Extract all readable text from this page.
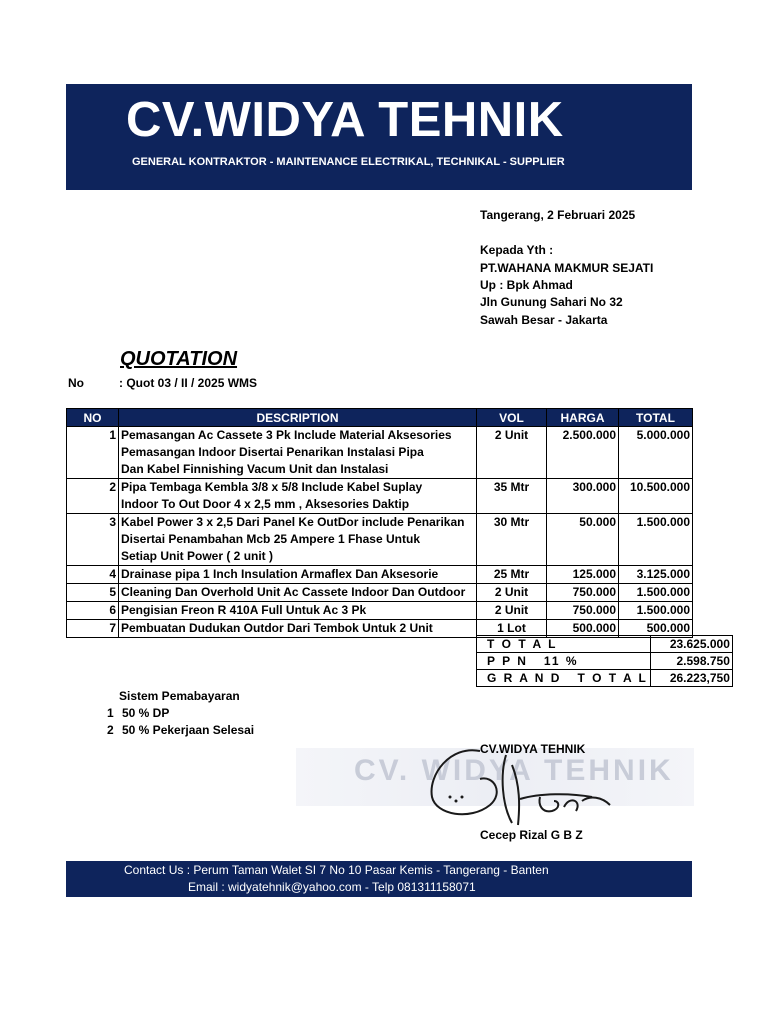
CV.WIDYA TEHNIK
GENERAL KONTRAKTOR - MAINTENANCE ELECTRIKAL, TECHNIKAL - SUPPLIER
Tangerang, 2 Februari 2025
Kepada Yth :
PT.WAHANA MAKMUR SEJATI
Up : Bpk Ahmad
Jln Gunung Sahari No 32
Sawah Besar - Jakarta
QUOTATION
No	: Quot 03 / II / 2025 WMS
NO	DESCRIPTION	VOL	HARGA	TOTAL
1	Pemasangan Ac Cassete 3 Pk Include Material Aksesories
Pemasangan Indoor Disertai Penarikan Instalasi Pipa
Dan Kabel Finnishing Vacum Unit dan Instalasi	2 Unit	2.500.000	5.000.000
2	Pipa Tembaga Kembla 3/8 x 5/8 Include Kabel Suplay
Indoor To Out Door 4 x 2,5 mm , Aksesories Daktip	35 Mtr	300.000	10.500.000
3	Kabel Power 3 x 2,5 Dari Panel Ke OutDor include Penarikan
Disertai Penambahan Mcb 25 Ampere 1 Fhase Untuk
Setiap Unit Power ( 2 unit )	30 Mtr	50.000	1.500.000
4	Drainase pipa 1 Inch Insulation Armaflex Dan Aksesorie	25 Mtr	125.000	3.125.000
5	Cleaning Dan Overhold Unit Ac Cassete Indoor Dan Outdoor	2 Unit	750.000	1.500.000
6	Pengisian Freon R 410A Full Untuk Ac 3 Pk	2 Unit	750.000	1.500.000
7	Pembuatan Dudukan Outdor Dari Tembok Untuk 2 Unit	1 Lot	500.000	500.000
T O T A L	23.625.000
P P N   11 %	2.598.750
G R A N D   T O T A L	26.223,750
Sistem Pemabayaran
1 50 % DP
2 50 % Pekerjaan Selesai
CV. WIDYA TEHNIK
CV.WIDYA TEHNIK
Cecep Rizal G B Z
Contact Us : Perum Taman Walet SI 7 No 10 Pasar Kemis - Tangerang - Banten
Email : widyatehnik@yahoo.com - Telp 081311158071
